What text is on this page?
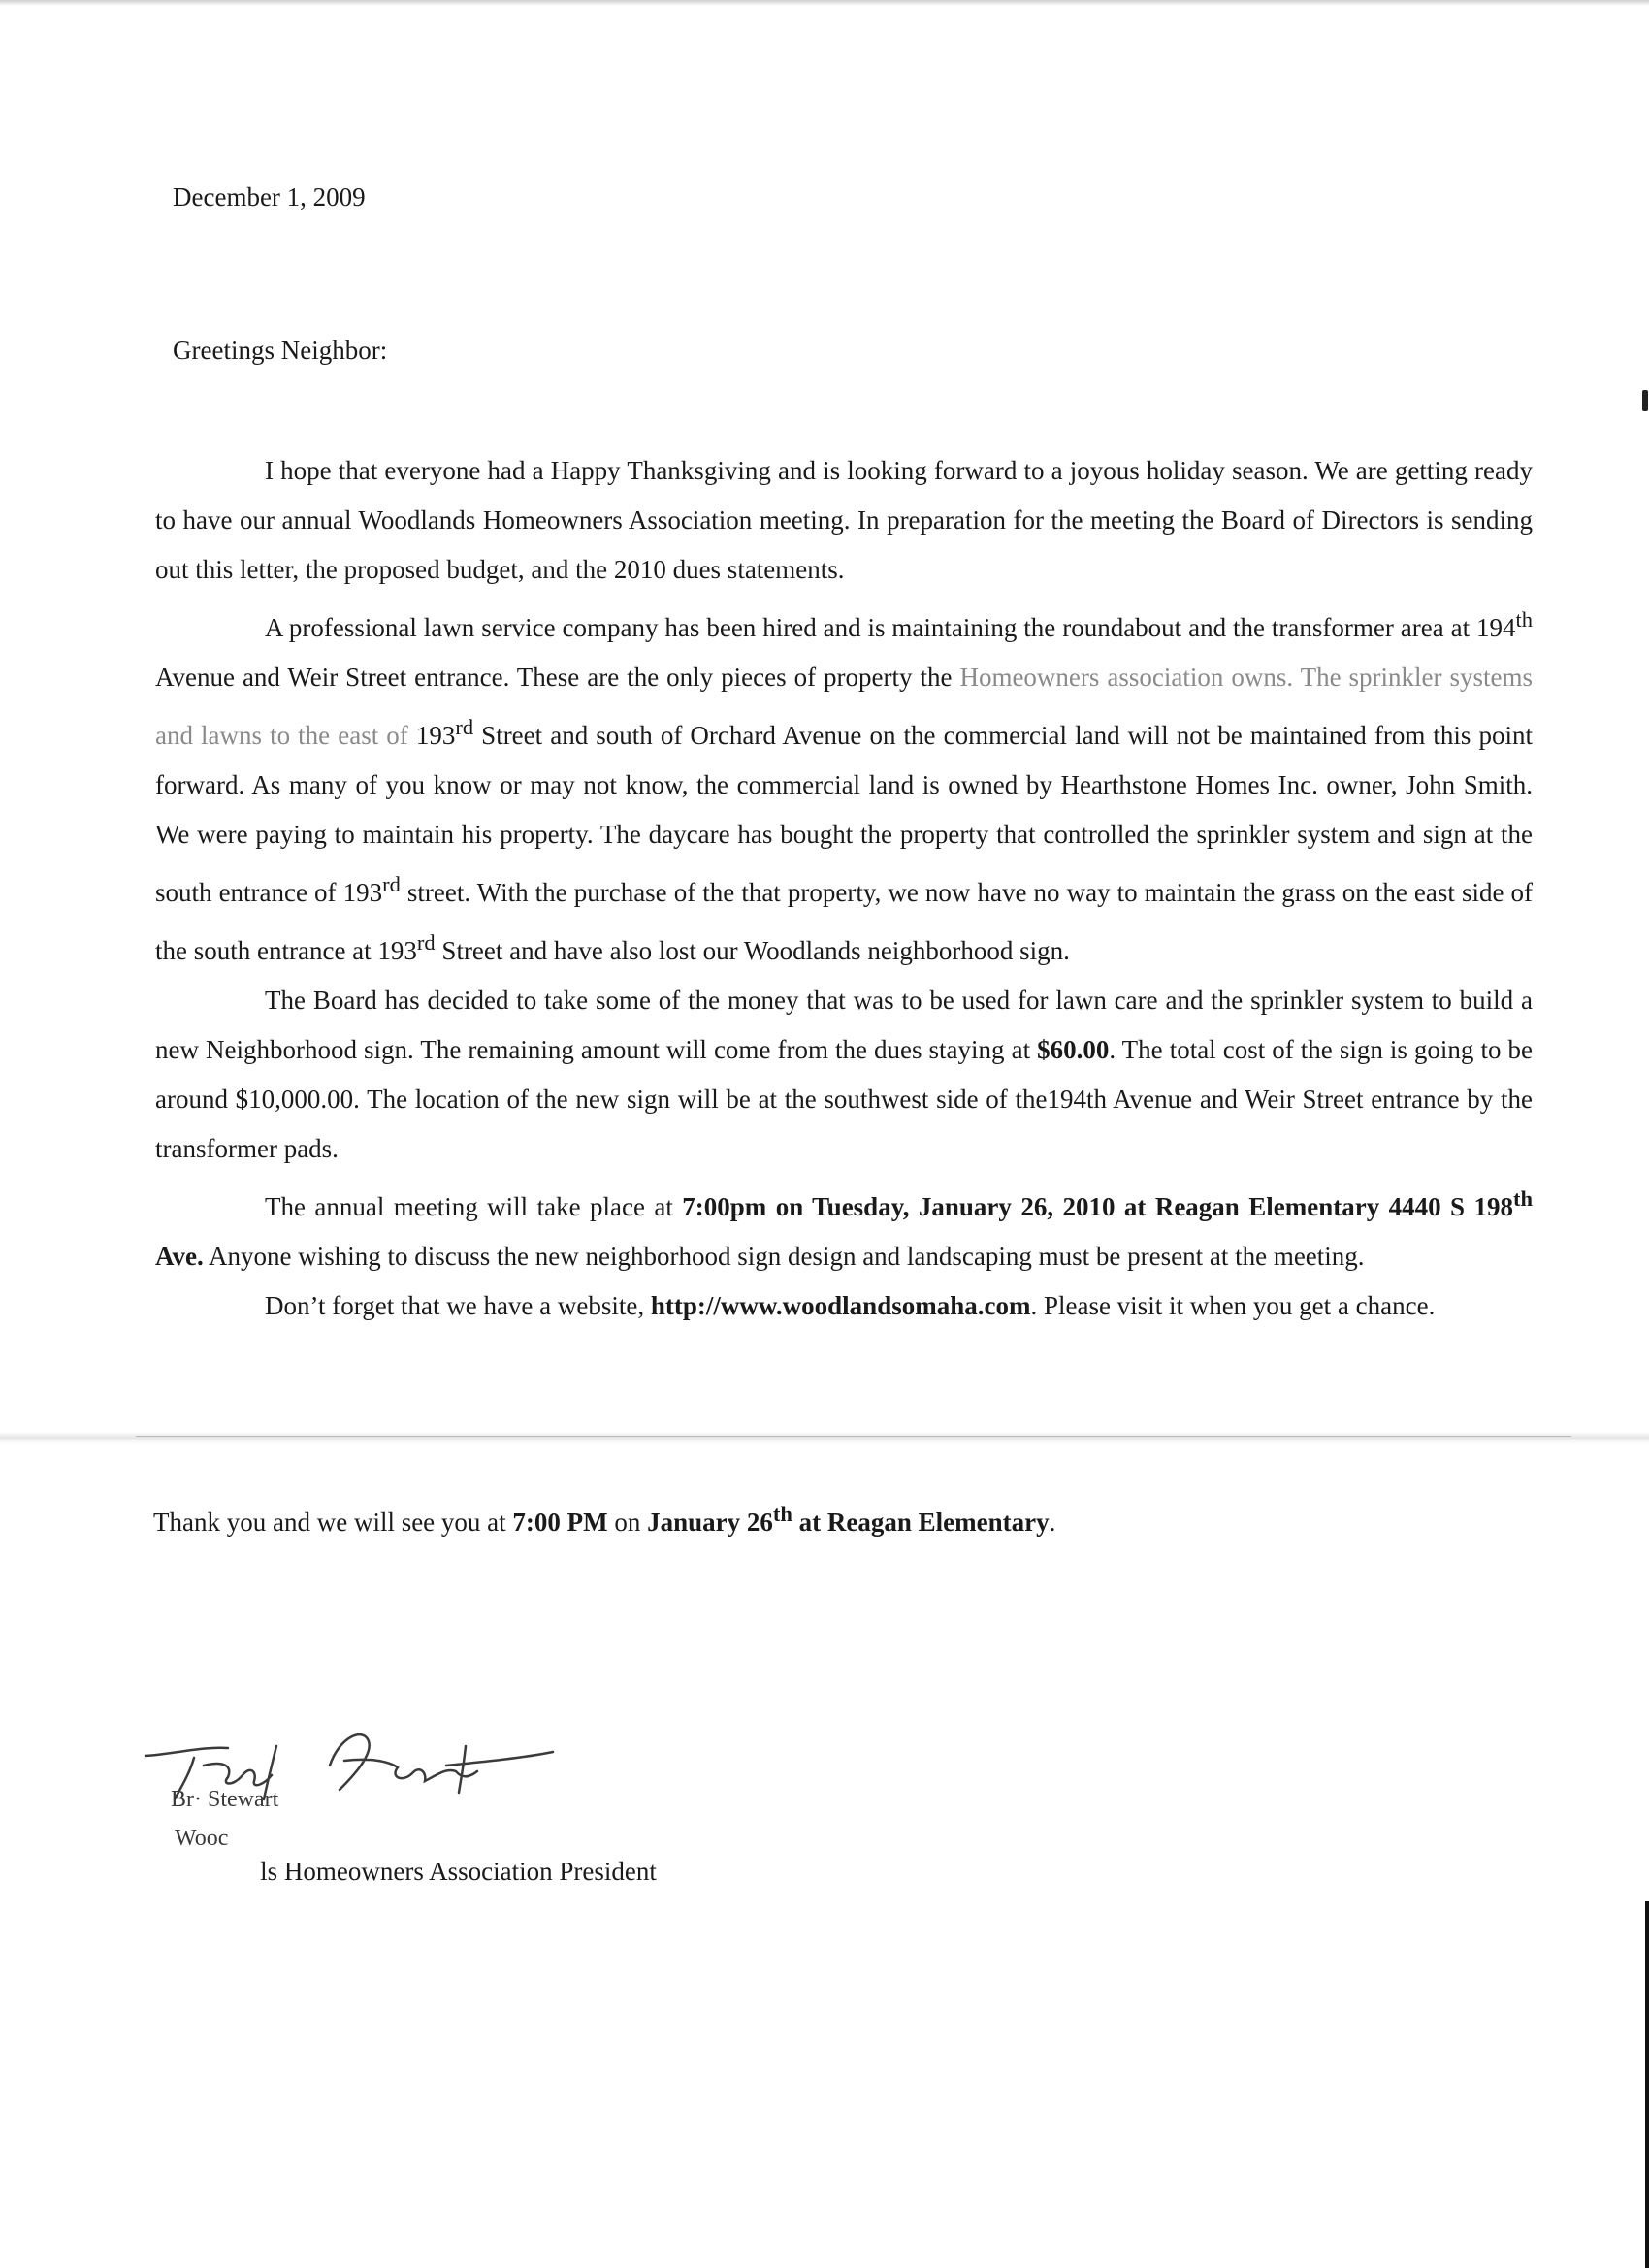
December 1, 2009
Greetings Neighbor:

I hope that everyone had a Happy Thanksgiving and is looking forward to a joyous holiday season. We are getting ready to have our annual Woodlands Homeowners Association meeting. In preparation for the meeting the Board of Directors is sending out this letter, the proposed budget, and the 2010 dues statements.

A professional lawn service company has been hired and is maintaining the roundabout and the transformer area at 194th Avenue and Weir Street entrance. These are the only pieces of property the Homeowners association owns. The sprinkler systems and lawns to the east of 193rd Street and south of Orchard Avenue on the commercial land will not be maintained from this point forward. As many of you know or may not know, the commercial land is owned by Hearthstone Homes Inc. owner, John Smith. We were paying to maintain his property. The daycare has bought the property that controlled the sprinkler system and sign at the south entrance of 193rd street. With the purchase of the that property, we now have no way to maintain the grass on the east side of the south entrance at 193rd Street and have also lost our Woodlands neighborhood sign.

The Board has decided to take some of the money that was to be used for lawn care and the sprinkler system to build a new Neighborhood sign. The remaining amount will come from the dues staying at $60.00. The total cost of the sign is going to be around $10,000.00. The location of the new sign will be at the southwest side of the194th Avenue and Weir Street entrance by the transformer pads.

The annual meeting will take place at 7:00pm on Tuesday, January 26, 2010 at Reagan Elementary 4440 S 198th Ave. Anyone wishing to discuss the new neighborhood sign design and landscaping must be present at the meeting.

Don’t forget that we have a website, http://www.woodlandsomaha.com. Please visit it when you get a chance.

Thank you and we will see you at 7:00 PM on January 26th at Reagan Elementary.
Br· Stewart
Wooc ls Homeowners Association President
